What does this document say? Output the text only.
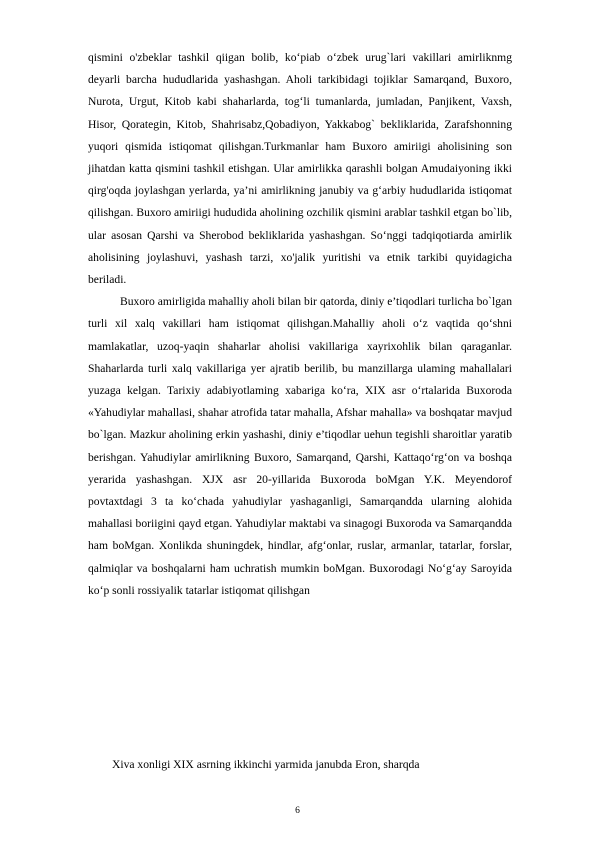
qismini o'zbeklar tashkil qiigan bolib, ko‘piab o‘zbek urug`lari vakillari amirliknmg deyarli barcha hududlarida yashashgan. Aholi tarkibidagi tojiklar Samarqand, Buxoro, Nurota, Urgut, Kitob kabi shaharlarda, tog‘li tumanlarda, jumladan, Panjikent, Vaxsh, Hisor, Qorategin, Kitob, Shahrisabz,Qobadiyon, Yakkabog` bekliklarida, Zarafshonning yuqori qismida istiqomat qilishgan.Turkmanlar ham Buxoro amiriigi aholisining son jihatdan katta qismini tashkil etishgan. Ular amirlikka qarashli bolgan Amudaiyoning ikki qirg'oqda joylashgan yerlarda, ya’ni amirlikning janubiy va g‘arbiy hududlarida istiqomat qilishgan. Buxoro amiriigi hududida aholining ozchilik qismini arablar tashkil etgan bo`lib, ular asosan Qarshi va Sherobod bekliklarida yashashgan. So‘nggi tadqiqotiarda amirlik aholisining joylashuvi, yashash tarzi, xo'jalik yuritishi va etnik tarkibi quyidagicha beriladi.

Buxoro amirligida mahalliy aholi bilan bir qatorda, diniy e’tiqodlari turlicha bo`lgan turli xil xalq vakillari ham istiqomat qilishgan.Mahalliy aholi o‘z vaqtida qo‘shni mamlakatlar, uzoq-yaqin shaharlar aholisi vakillariga xayrixohlik bilan qaraganlar. Shaharlarda turli xalq vakillariga yer ajratib berilib, bu manzillarga ulaming mahallalari yuzaga kelgan. Tarixiy adabiyotlaming xabariga ko‘ra, XIX asr o‘rtalarida Buxoroda «Yahudiylar mahallasi, shahar atrofida tatar mahalla, Afshar mahalla» va boshqatar mavjud bo`lgan. Mazkur aholining erkin yashashi, diniy e’tiqodlar uehun tegishli sharoitlar yaratib berishgan. Yahudiylar amirlikning Buxoro, Samarqand, Qarshi, Kattaqo‘rg‘on va boshqa yerarida yashashgan. XJX asr 20-yillarida Buxoroda boMgan Y.K. Meyendorof povtaxtdagi 3 ta ko‘chada yahudiylar yashaganligi, Samarqandda ularning alohida mahallasi boriigini qayd etgan. Yahudiylar maktabi va sinagogi Buxoroda va Samarqandda ham boMgan. Xonlikda shuningdek, hindlar, afg‘onlar, ruslar, armanlar, tatarlar, forslar, qalmiqlar va boshqalarni ham uchratish mumkin boMgan. Buxorodagi No‘g‘ay Saroyida ko‘p sonli rossiyalik tatarlar istiqomat qilishgan

Xiva xonligi XIX asrning ikkinchi yarmida janubda Eron, sharqda
6
